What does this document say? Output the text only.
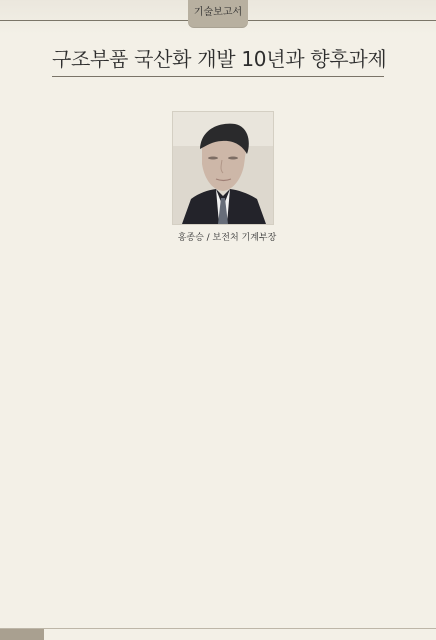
기술보고서
구조부품 국산화 개발 10년과 향후과제
홍종승 / 보전처 기계부장
